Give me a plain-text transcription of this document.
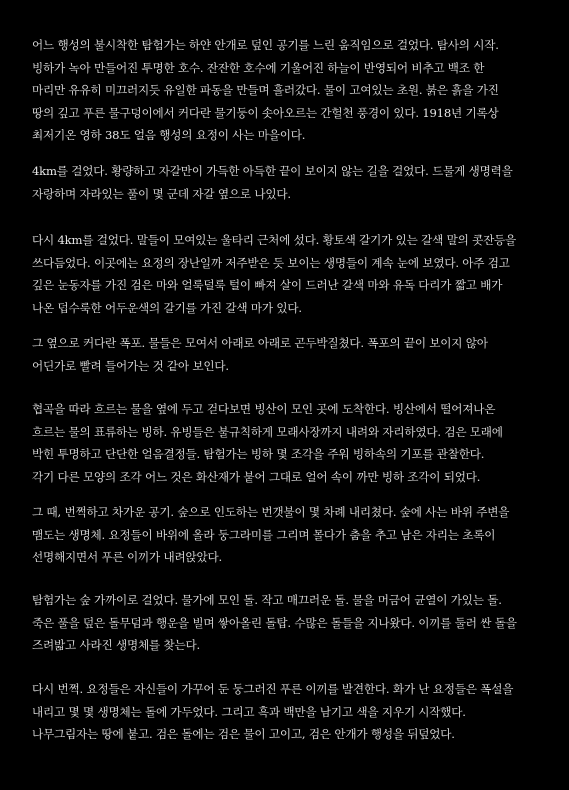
어느 행성의 불시착한 탐험가는 하얀 안개로 덮인 공기를 느린 움직임으로 걸었다. 탐사의 시작.
빙하가 녹아 만들어진 투명한 호수. 잔잔한 호수에 기울어진 하늘이 반영되어 비추고 백조 한
마리만 유유히 미끄러지듯 유일한 파동을 만들며 흘러갔다. 물이 고여있는 초원. 붉은 흙을 가진
땅의 깊고 푸른 물구덩이에서 커다란 물기둥이 솟아오르는 간헐천 풍경이 있다. 1918년 기록상
최저기온 영하 38도 얼음 행성의 요정이 사는 마을이다.
4km를 걸었다. 황량하고 자갈만이 가득한 아득한 끝이 보이지 않는 길을 걸었다. 드물게 생명력을
자랑하며 자라있는 풀이 몇 군데 자갈 옆으로 나있다.
다시 4km를 걸었다. 말들이 모여있는 울타리 근처에 섰다. 황토색 갈기가 있는 갈색 말의 콧잔등을
쓰다듬었다. 이곳에는 요정의 장난일까 저주받은 듯 보이는 생명들이 계속 눈에 보였다. 아주 검고
깊은 눈동자를 가진 검은 마와 얼룩덜룩 털이 빠져 살이 드러난 갈색 마와 유독 다리가 짧고 배가
나온 덥수룩한 어두운색의 갈기를 가진 갈색 마가 있다.
그 옆으로 커다란 폭포. 물들은 모여서 아래로 아래로 곤두박질쳤다. 폭포의 끝이 보이지 않아
어딘가로 빨려 들어가는 것 같아 보인다.
협곡을 따라 흐르는 물을 옆에 두고 걷다보면 빙산이 모인 곳에 도착한다. 빙산에서 떨어져나온
흐르는 물의 표류하는 빙하. 유빙들은 불규칙하게 모래사장까지 내려와 자리하였다. 검은 모래에
박힌 투명하고 단단한 얼음결정들. 탐험가는 빙하 몇 조각을 주워 빙하속의 기포를 관찰한다.
각기 다른 모양의 조각 어느 것은 화산재가 붙어 그대로 얼어 속이 까만 빙하 조각이 되었다.
그 때, 번쩍하고 차가운 공기. 숲으로 인도하는 번갯불이 몇 차례 내리쳤다. 숲에 사는 바위 주변을
맴도는 생명체. 요정들이 바위에 올라 둥그라미를 그리며 몰다가 춤을 추고 남은 자리는 초록이
선명해지면서 푸른 이끼가 내려앉았다.
탐험가는 숲 가까이로 걸었다. 물가에 모인 돌. 작고 매끄러운 돌. 물을 머금어 균열이 가있는 돌.
죽은 풀을 덮은 돌무덤과 행운을 빌며 쌓아올린 돌탑. 수많은 돌들을 지나왔다. 이끼를 둘러 싼 돌을
즈려밟고 사라진 생명체를 찾는다.
다시 번쩍. 요정들은 자신들이 가꾸어 둔 둥그러진 푸른 이끼를 발견한다. 화가 난 요정들은 폭설을
내리고 몇 몇 생명체는 돌에 가두었다. 그리고 흑과 백만을 남기고 색을 지우기 시작했다.
나무그림자는 땅에 붙고. 검은 돌에는 검은 물이 고이고, 검은 안개가 행성을 뒤덮었다.
